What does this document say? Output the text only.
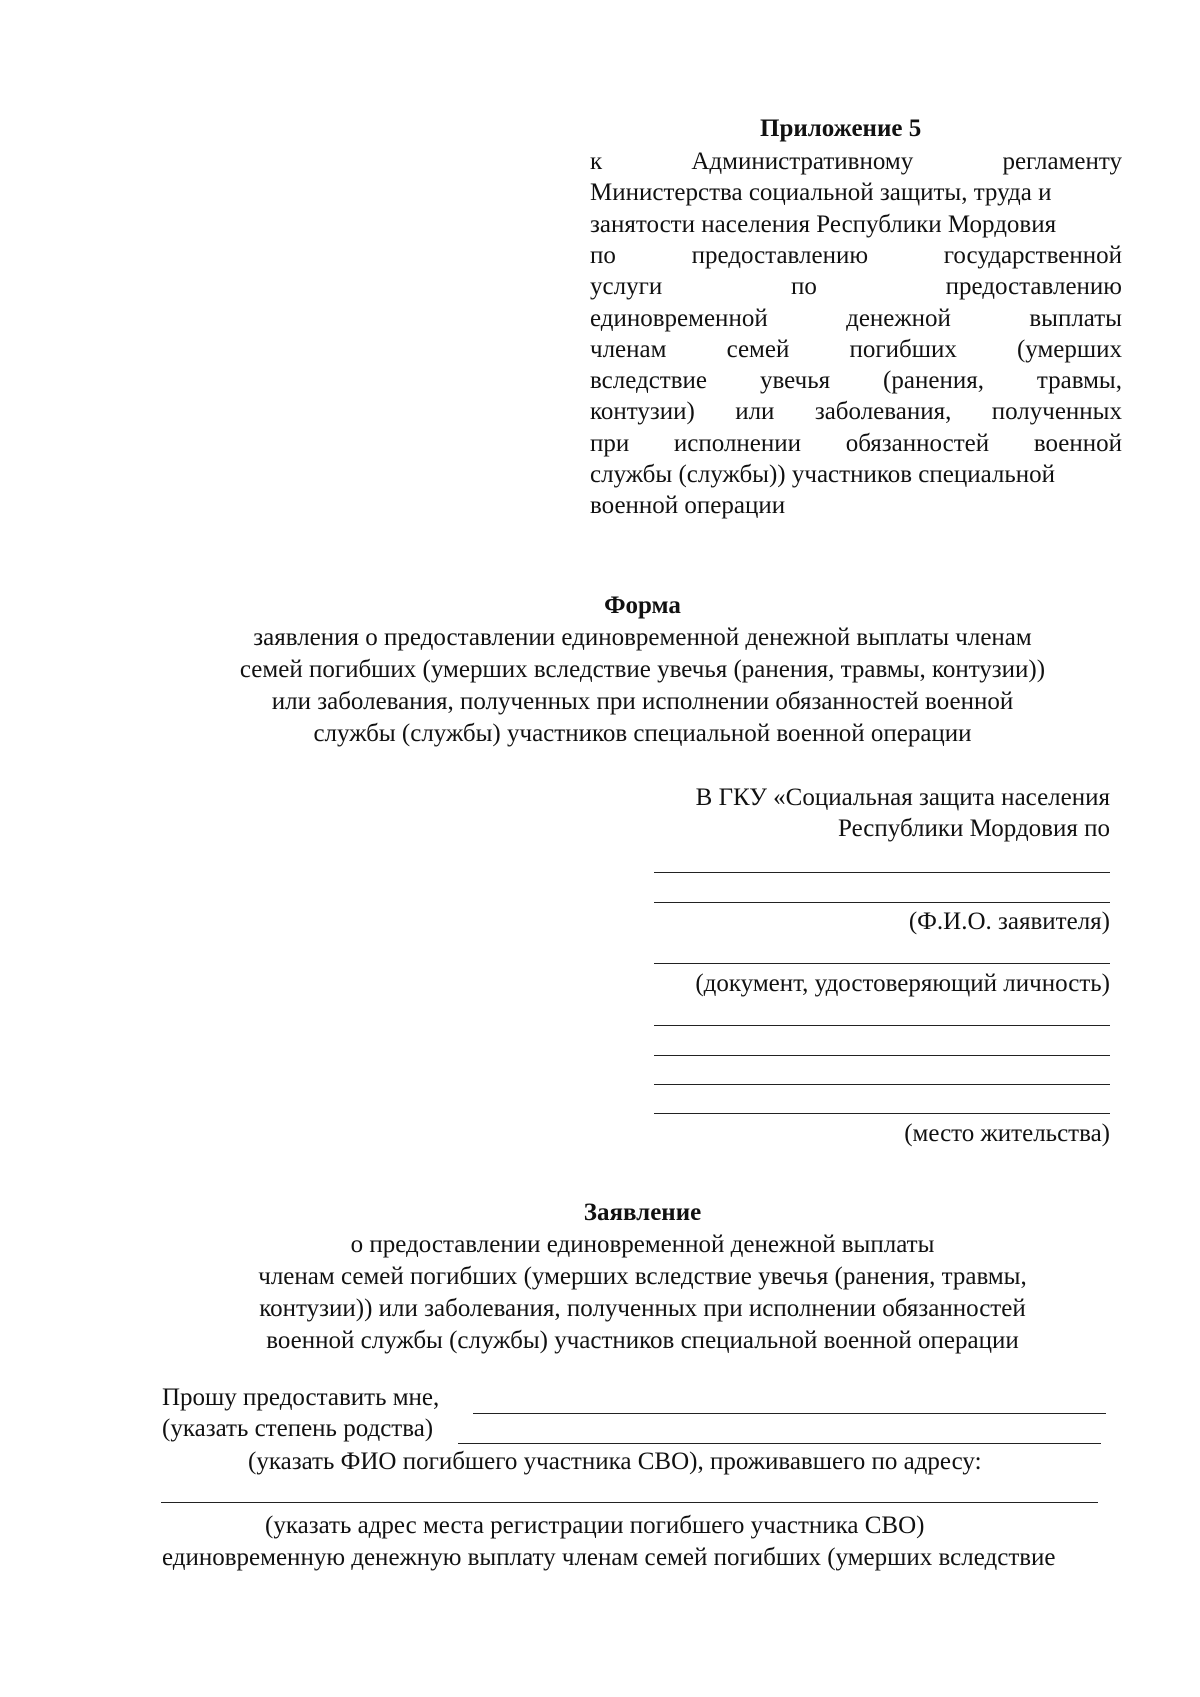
Приложение 5
к	Административному	регламенту
Министерства социальной защиты, труда и
занятости населения Республики Мордовия
по	предоставлению	государственной
услуги	по	предоставлению
единовременной	денежной	выплаты
членам семей погибших (умерших
вследствие увечья (ранения, травмы,
контузии) или заболевания, полученных
при исполнении обязанностей военной
службы (службы)) участников специальной
военной операции
Форма
заявления о предоставлении единовременной денежной выплаты членам
семей погибших (умерших вследствие увечья (ранения, травмы, контузии))
или заболевания, полученных при исполнении обязанностей военной
службы (службы) участников специальной военной операции
В ГКУ «Социальная защита населения
Республики Мордовия по
(Ф.И.О. заявителя)
(документ, удостоверяющий личность)
(место жительства)
Заявление
о предоставлении единовременной денежной выплаты
членам семей погибших (умерших вследствие увечья (ранения, травмы,
контузии)) или заболевания, полученных при исполнении обязанностей
военной службы (службы) участников специальной военной операции
Прошу предоставить мне,
(указать степень родства)
(указать ФИО погибшего участника СВО), проживавшего по адресу:
(указать адрес места регистрации погибшего участника СВО)
единовременную денежную выплату членам семей погибших (умерших вследствие
